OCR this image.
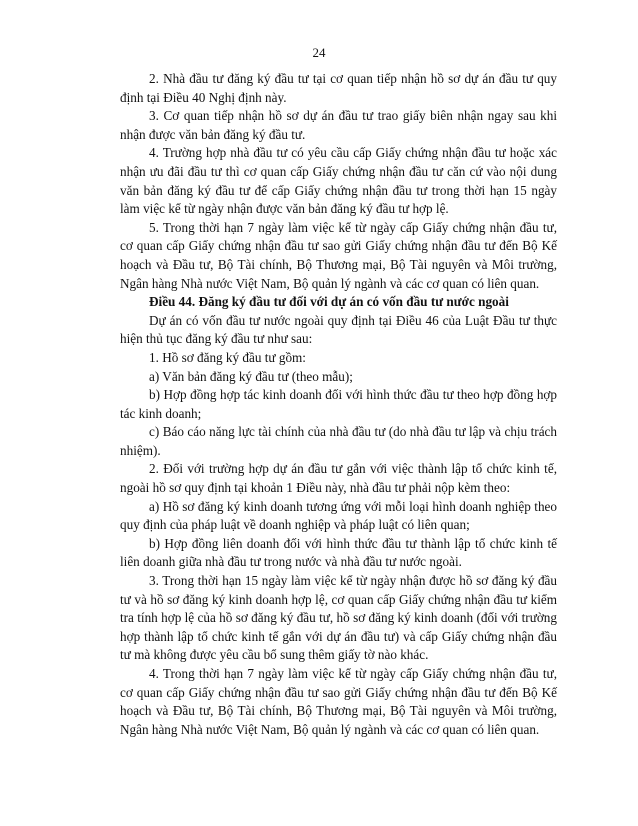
24

2. Nhà đầu tư đăng ký đầu tư tại cơ quan tiếp nhận hồ sơ dự án đầu tư quy định tại Điều 40 Nghị định này.

3. Cơ quan tiếp nhận hồ sơ dự án đầu tư trao giấy biên nhận ngay sau khi nhận được văn bản đăng ký đầu tư.

4. Trường hợp nhà đầu tư có yêu cầu cấp Giấy chứng nhận đầu tư hoặc xác nhận ưu đãi đầu tư thì cơ quan cấp Giấy chứng nhận đầu tư căn cứ vào nội dung văn bản đăng ký đầu tư để cấp Giấy chứng nhận đầu tư trong thời hạn 15 ngày làm việc kể từ ngày nhận được văn bản đăng ký đầu tư hợp lệ.

5. Trong thời hạn 7 ngày làm việc kể từ ngày cấp Giấy chứng nhận đầu tư, cơ quan cấp Giấy chứng nhận đầu tư sao gửi Giấy chứng nhận đầu tư đến Bộ Kế hoạch và Đầu tư, Bộ Tài chính, Bộ Thương mại, Bộ Tài nguyên và Môi trường, Ngân hàng Nhà nước Việt Nam, Bộ quản lý ngành và các cơ quan có liên quan.

Điều 44. Đăng ký đầu tư đối với dự án có vốn đầu tư nước ngoài

Dự án có vốn đầu tư nước ngoài quy định tại Điều 46 của Luật Đầu tư thực hiện thủ tục đăng ký đầu tư như sau:

1. Hồ sơ đăng ký đầu tư gồm:

a) Văn bản đăng ký đầu tư (theo mẫu);

b) Hợp đồng hợp tác kinh doanh đối với hình thức đầu tư theo hợp đồng hợp tác kinh doanh;

c) Báo cáo năng lực tài chính của nhà đầu tư (do nhà đầu tư lập và chịu trách nhiệm).

2. Đối với trường hợp dự án đầu tư gắn với việc thành lập tổ chức kinh tế, ngoài hồ sơ quy định tại khoản 1 Điều này, nhà đầu tư phải nộp kèm theo:

a) Hồ sơ đăng ký kinh doanh tương ứng với mỗi loại hình doanh nghiệp theo quy định của pháp luật về doanh nghiệp và pháp luật có liên quan;

b) Hợp đồng liên doanh đối với hình thức đầu tư thành lập tổ chức kinh tế liên doanh giữa nhà đầu tư trong nước và nhà đầu tư nước ngoài.

3. Trong thời hạn 15 ngày làm việc kể từ ngày nhận được hồ sơ đăng ký đầu tư và hồ sơ đăng ký kinh doanh hợp lệ, cơ quan cấp Giấy chứng nhận đầu tư kiểm tra tính hợp lệ của hồ sơ đăng ký đầu tư, hồ sơ đăng ký kinh doanh (đối với trường hợp thành lập tổ chức kinh tế gắn với dự án đầu tư) và cấp Giấy chứng nhận đầu tư mà không được yêu cầu bổ sung thêm giấy tờ nào khác.

4. Trong thời hạn 7 ngày làm việc kể từ ngày cấp Giấy chứng nhận đầu tư, cơ quan cấp Giấy chứng nhận đầu tư sao gửi Giấy chứng nhận đầu tư đến Bộ Kế hoạch và Đầu tư, Bộ Tài chính, Bộ Thương mại, Bộ Tài nguyên và Môi trường, Ngân hàng Nhà nước Việt Nam, Bộ quản lý ngành và các cơ quan có liên quan.
